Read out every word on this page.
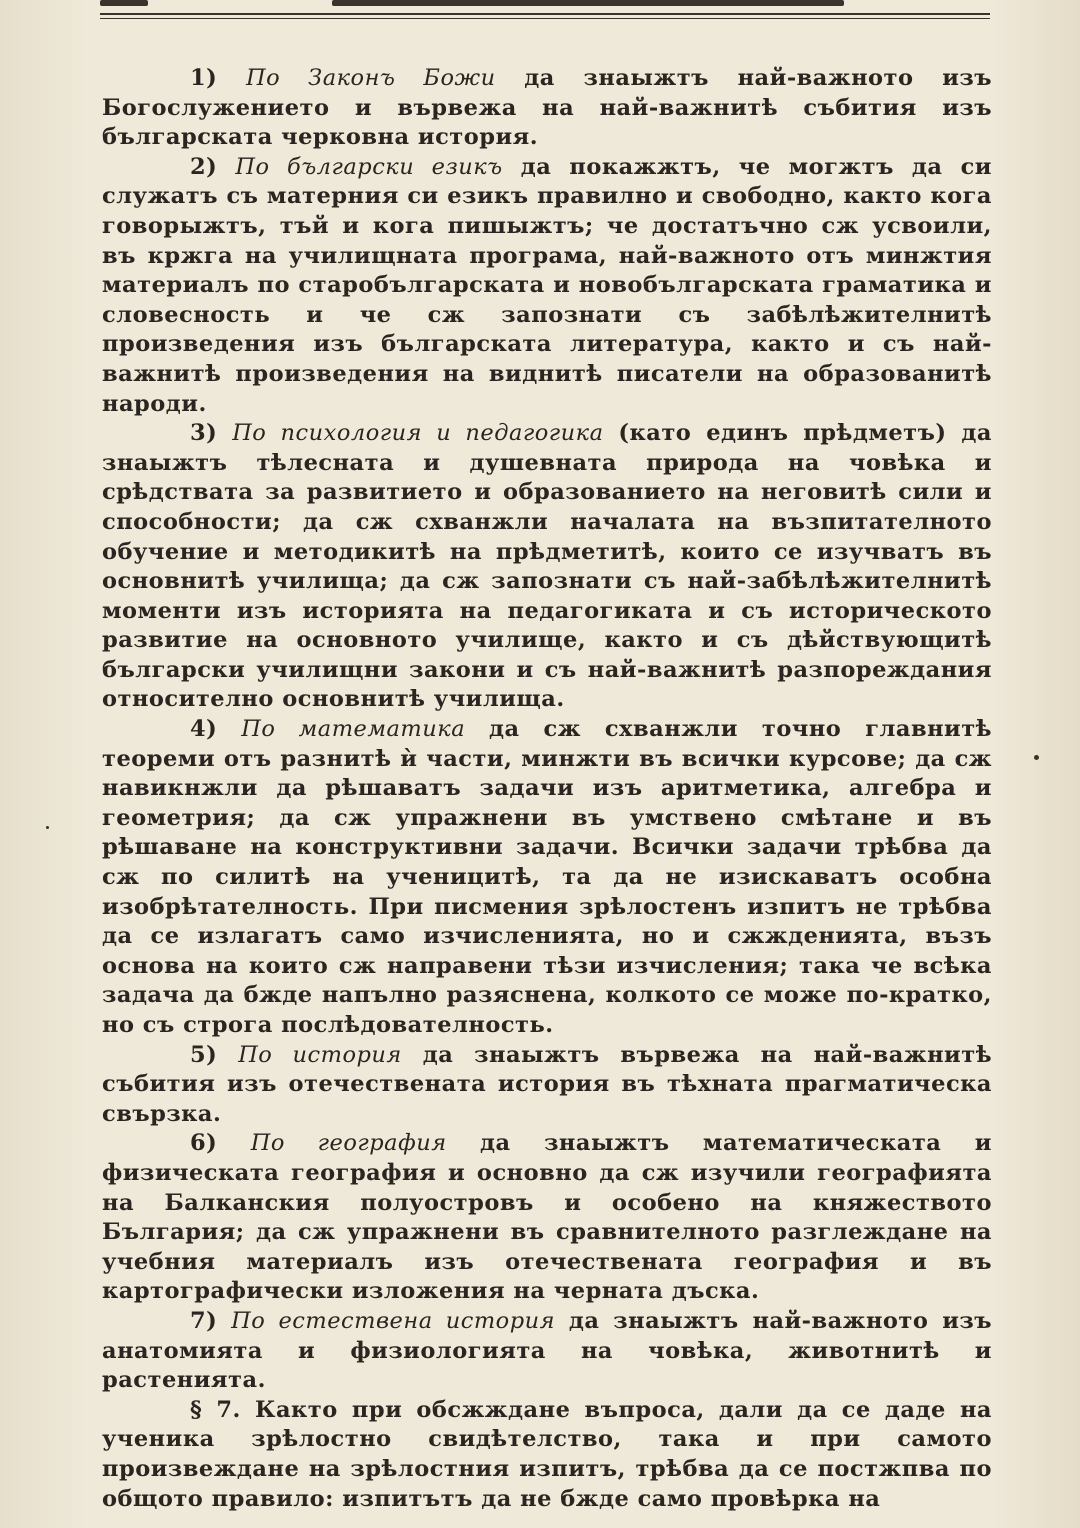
1) По Законъ Божи да знаыжтъ най-важното изъ Богослужението и вървежа на най-важнитѣ събития изъ българската черковна история.

2) По български езикъ да покажжтъ, че могжтъ да си служатъ съ матерния си езикъ правилно и свободно, както кога говорыжтъ, тъй и кога пишыжтъ; че достатъчно сж усвоили, въ кржга на училищната програма, най-важното отъ минжтия материалъ по старобългарската и новобългарската граматика и словесность и че сж запознати съ забѣлѣжителнитѣ произведения изъ българската литература, както и съ най-важнитѣ произведения на виднитѣ писатели на образованитѣ народи.

3) По психология и педагогика (като единъ прѣдметъ) да знаыжтъ тѣлесната и душевната природа на човѣка и срѣдствата за развитието и образованието на неговитѣ сили и способности; да сж схванжли началата на възпитателното обучение и методикитѣ на прѣдметитѣ, които се изучватъ въ основнитѣ училища; да сж запознати съ най-забѣлѣжителнитѣ моменти изъ историята на педагогиката и съ историческото развитие на основното училище, както и съ дѣйствующитѣ български училищни закони и съ най-важнитѣ разпореждания относително основнитѣ училища.

4) По математика да сж схванжли точно главнитѣ теореми отъ разнитѣ ѝ части, минжти въ всички курсове; да сж навикнжли да рѣшаватъ задачи изъ аритметика, алгебра и геометрия; да сж упражнени въ умствено смѣтане и въ рѣшаване на конструктивни задачи. Всички задачи трѣбва да сж по силитѣ на ученицитѣ, та да не изискаватъ особна изобрѣтателность. При писмения зрѣлостенъ изпитъ не трѣбва да се излагатъ само изчисленията, но и сжжденията, възъ основа на които сж направени тѣзи изчисления; така че всѣка задача да бжде напълно разяснена, колкото се може по-кратко, но съ строга послѣдователность.

5) По история да знаыжтъ вървежа на най-важнитѣ събития изъ отечествената история въ тѣхната прагматическа свързка.

6) По география да знаыжтъ математическата и физическата география и основно да сж изучили географията на Балканския полуостровъ и особено на княжеството България; да сж упражнени въ сравнителното разглеждане на учебния материалъ изъ отечествената география и въ картографически изложения на черната дъска.

7) По естествена история да знаыжтъ най-важното изъ анатомията и физиологията на човѣка, животнитѣ и растенията.

§ 7. Както при обсжждане въпроса, дали да се даде на ученика зрѣлостно свидѣтелство, така и при самото произвеждане на зрѣлостния изпитъ, трѣбва да се постжпва по общото правило: изпитътъ да не бжде само провѣрка на
